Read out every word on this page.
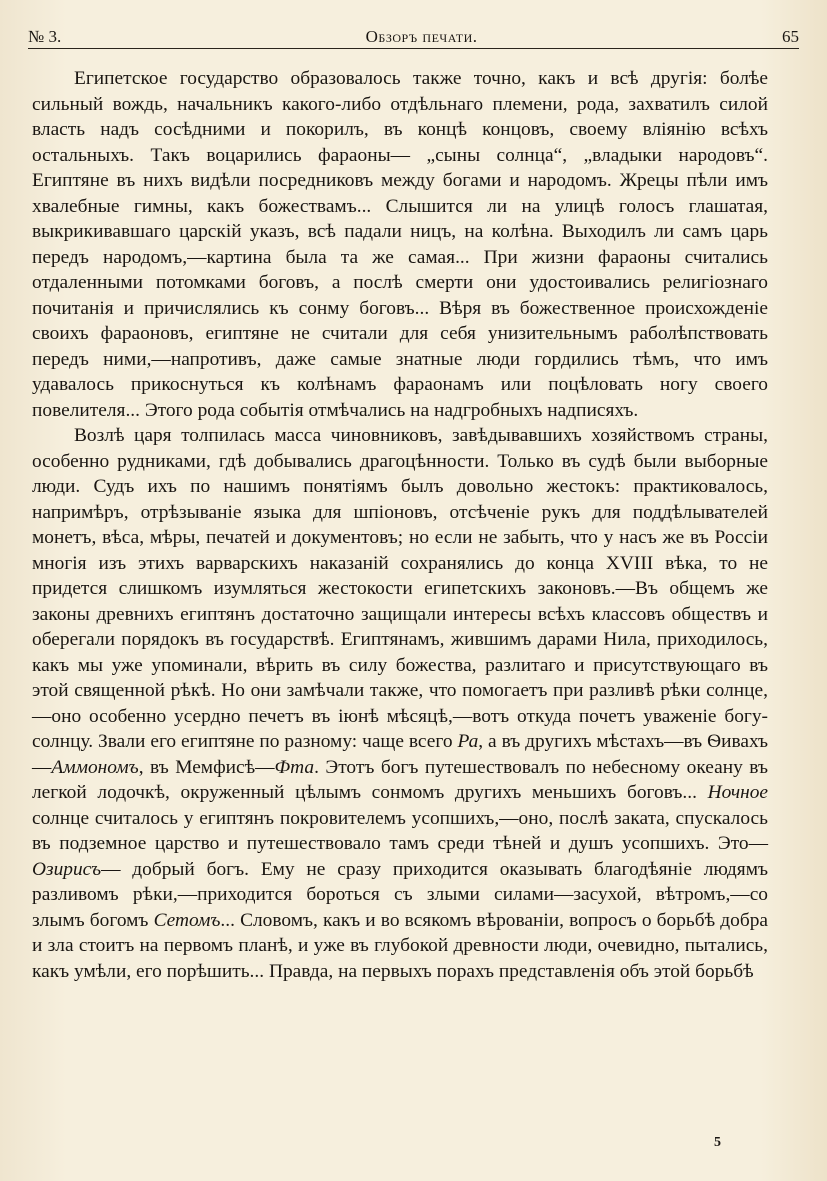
№ 3.	Обзоръ печати.	65

Египетское государство образовалось также точно, какъ и всѣ другія: болѣе сильный вождь, начальникъ какого-либо отдѣльнаго племени, рода, захватилъ силой власть надъ сосѣдними и покорилъ, въ концѣ концовъ, своему вліянію всѣхъ остальныхъ. Такъ воцарились фараоны— „сыны солнца“, „владыки народовъ“. Египтяне въ нихъ видѣли посредниковъ между богами и народомъ. Жрецы пѣли имъ хвалебные гимны, какъ божествамъ... Слышится ли на улицѣ голосъ глашатая, выкрикивавшаго царскій указъ, всѣ падали ницъ, на колѣна. Выходилъ ли самъ царь передъ народомъ,—картина была та же самая... При жизни фараоны считались отдаленными потомками боговъ, а послѣ смерти они удостоивались религіознаго почитанія и причислялись къ сонму боговъ... Вѣря въ божественное происхожденіе своихъ фараоновъ, египтяне не считали для себя унизительнымъ раболѣпствовать передъ ними,—напротивъ, даже самые знатные люди гордились тѣмъ, что имъ удавалось прикоснуться къ колѣнамъ фараонамъ или поцѣловать ногу своего повелителя... Этого рода событія отмѣчались на надгробныхъ надписяхъ.

Возлѣ царя толпилась масса чиновниковъ, завѣдывавшихъ хозяйствомъ страны, особенно рудниками, гдѣ добывались драгоцѣнности. Только въ судѣ были выборные люди. Судъ ихъ по нашимъ понятіямъ былъ довольно жестокъ: практиковалось, напримѣръ, отрѣзываніе языка для шпіоновъ, отсѣченіе рукъ для поддѣлывателей монетъ, вѣса, мѣры, печатей и документовъ; но если не забыть, что у насъ же въ Россіи многія изъ этихъ варварскихъ наказаній сохранялись до конца XVIII вѣка, то не придется слишкомъ изумляться жестокости египетскихъ законовъ.—Въ общемъ же законы древнихъ египтянъ достаточно защищали интересы всѣхъ классовъ обществъ и оберегали порядокъ въ государствѣ. Египтянамъ, жившимъ дарами Нила, приходилось, какъ мы уже упоминали, вѣрить въ силу божества, разлитаго и присутствующаго въ этой священной рѣкѣ. Но они замѣчали также, что помогаетъ при разливѣ рѣки солнце,—оно особенно усердно печетъ въ іюнѣ мѣсяцѣ,—вотъ откуда почетъ уваженіе богу-солнцу. Звали его египтяне по разному: чаще всего Ра, а въ другихъ мѣстахъ—въ Ѳивахъ—Аммономъ, въ Мемфисѣ—Фта. Этотъ богъ путешествовалъ по небесному океану въ легкой лодочкѣ, окруженный цѣлымъ сонмомъ другихъ меньшихъ боговъ... Ночное солнце считалось у египтянъ покровителемъ усопшихъ,—оно, послѣ заката, спускалось въ подземное царство и путешествовало тамъ среди тѣней и душъ усопшихъ. Это—Озирисъ— добрый богъ. Ему не сразу приходится оказывать благодѣяніе людямъ разливомъ рѣки,—приходится бороться съ злыми силами—засухой, вѣтромъ,—со злымъ богомъ Сетомъ... Словомъ, какъ и во всякомъ вѣрованіи, вопросъ о борьбѣ добра и зла стоитъ на первомъ планѣ, и уже въ глубокой древности люди, очевидно, пытались, какъ умѣли, его порѣшить... Правда, на первыхъ порахъ представленія объ этой борьбѣ

5
